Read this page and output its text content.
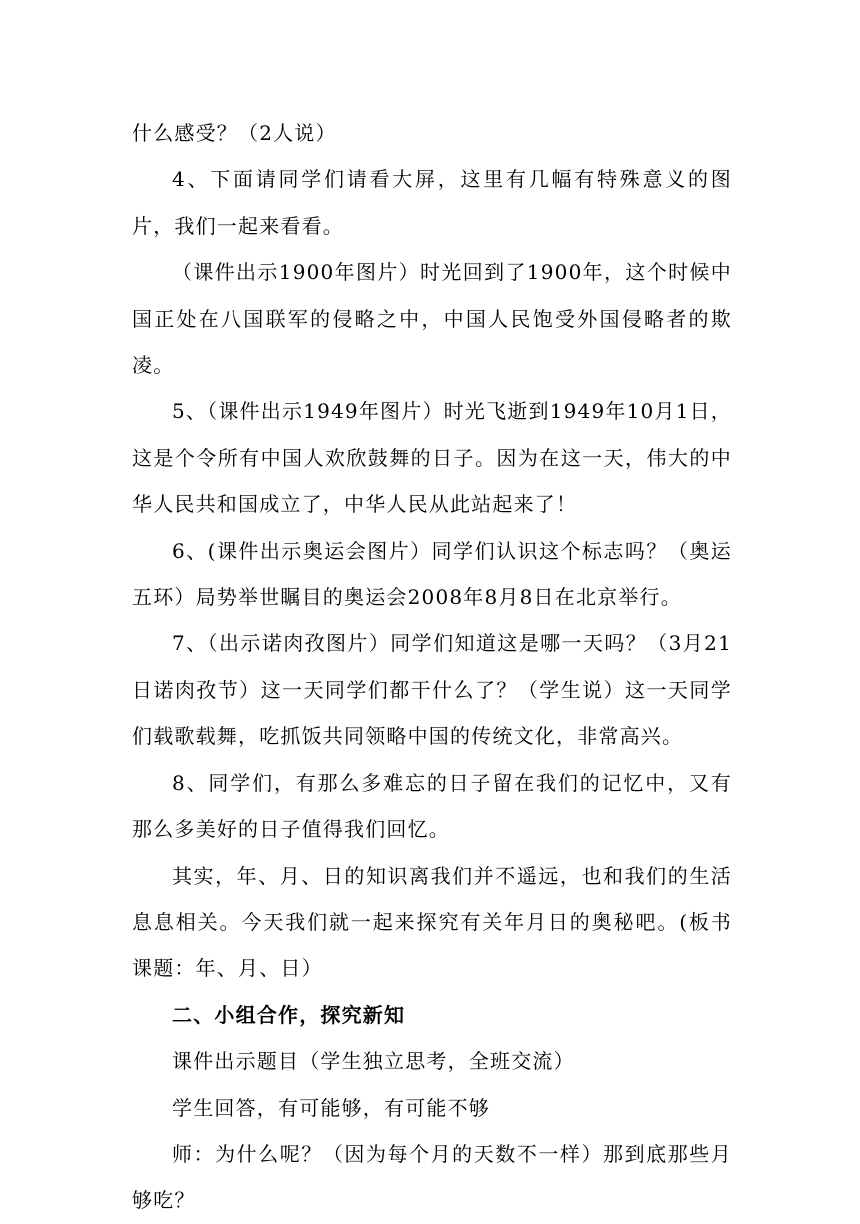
什么感受？（2人说）

4、下面请同学们请看大屏，这里有几幅有特殊意义的图片，我们一起来看看。

（课件出示1900年图片）时光回到了1900年，这个时候中国正处在八国联军的侵略之中，中国人民饱受外国侵略者的欺凌。

5、（课件出示1949年图片）时光飞逝到1949年10月1日，这是个令所有中国人欢欣鼓舞的日子。因为在这一天，伟大的中华人民共和国成立了，中华人民从此站起来了！

6、(课件出示奥运会图片）同学们认识这个标志吗？（奥运五环）局势举世瞩目的奥运会2008年8月8日在北京举行。

7、（出示诺肉孜图片）同学们知道这是哪一天吗？（3月21日诺肉孜节）这一天同学们都干什么了？（学生说）这一天同学们载歌载舞，吃抓饭共同领略中国的传统文化，非常高兴。

8、同学们，有那么多难忘的日子留在我们的记忆中，又有那么多美好的日子值得我们回忆。

其实，年、月、日的知识离我们并不遥远，也和我们的生活息息相关。今天我们就一起来探究有关年月日的奥秘吧。(板书课题：年、月、日）

二、小组合作，探究新知

课件出示题目（学生独立思考，全班交流）

学生回答，有可能够，有可能不够

师：为什么呢？（因为每个月的天数不一样）那到底那些月够吃？
